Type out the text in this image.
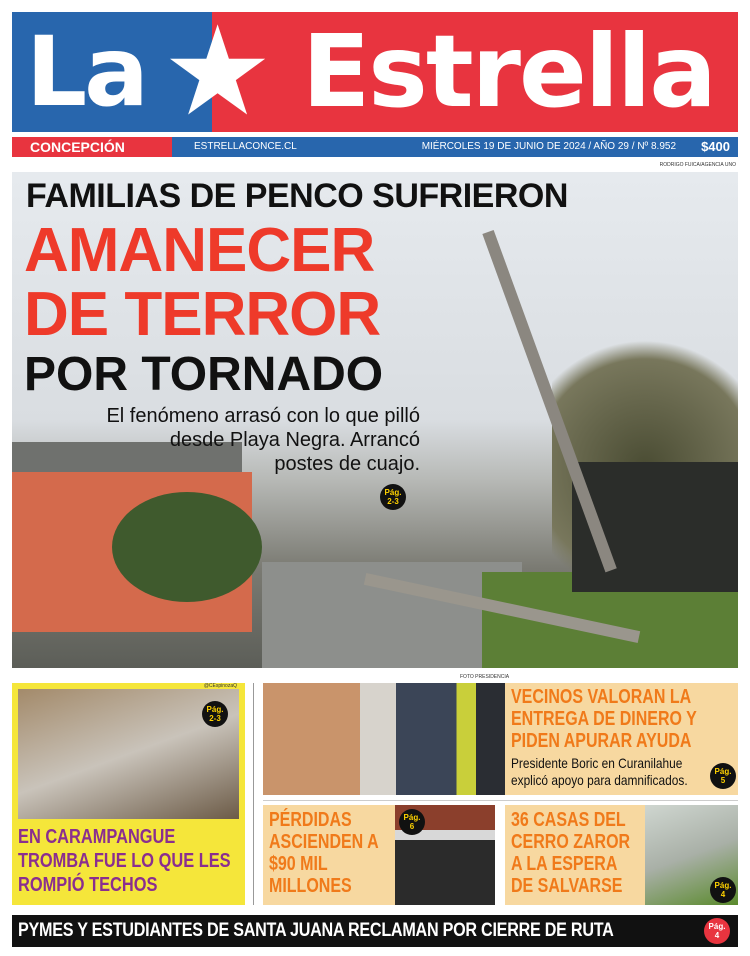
La ★ Estrella
CONCEPCIÓN	ESTRELLACONCE.CL	MIÉRCOLES 19 DE JUNIO DE 2024 / AÑO 29 / Nº 8.952 $400
RODRIGO FUICA/AGENCIA UNO
FAMILIAS DE PENCO SUFRIERON
AMANECER
DE TERROR
POR TORNADO
El fenómeno arrasó con lo que pilló
desde Playa Negra. Arrancó
postes de cuajo.
Pág.
2-3
FOTO PRESIDENCIA
@CEspinozaQ
Pág.
2-3
EN CARAMPANGUE TROMBA FUE LO QUE LES ROMPIÓ TECHOS
VECINOS VALORAN LA ENTREGA DE DINERO Y PIDEN APURAR AYUDA
Presidente Boric en Curanilahue explicó apoyo para damnificados.
Pág.
5
PÉRDIDAS ASCIENDEN A $90 MIL MILLONES
Pág.
6	36 CASAS DEL CERRO ZAROR A LA ESPERA DE SALVARSE	Pág.
4
PYMES Y ESTUDIANTES DE SANTA JUANA RECLAMAN POR CIERRE DE RUTA	Pág.
4
